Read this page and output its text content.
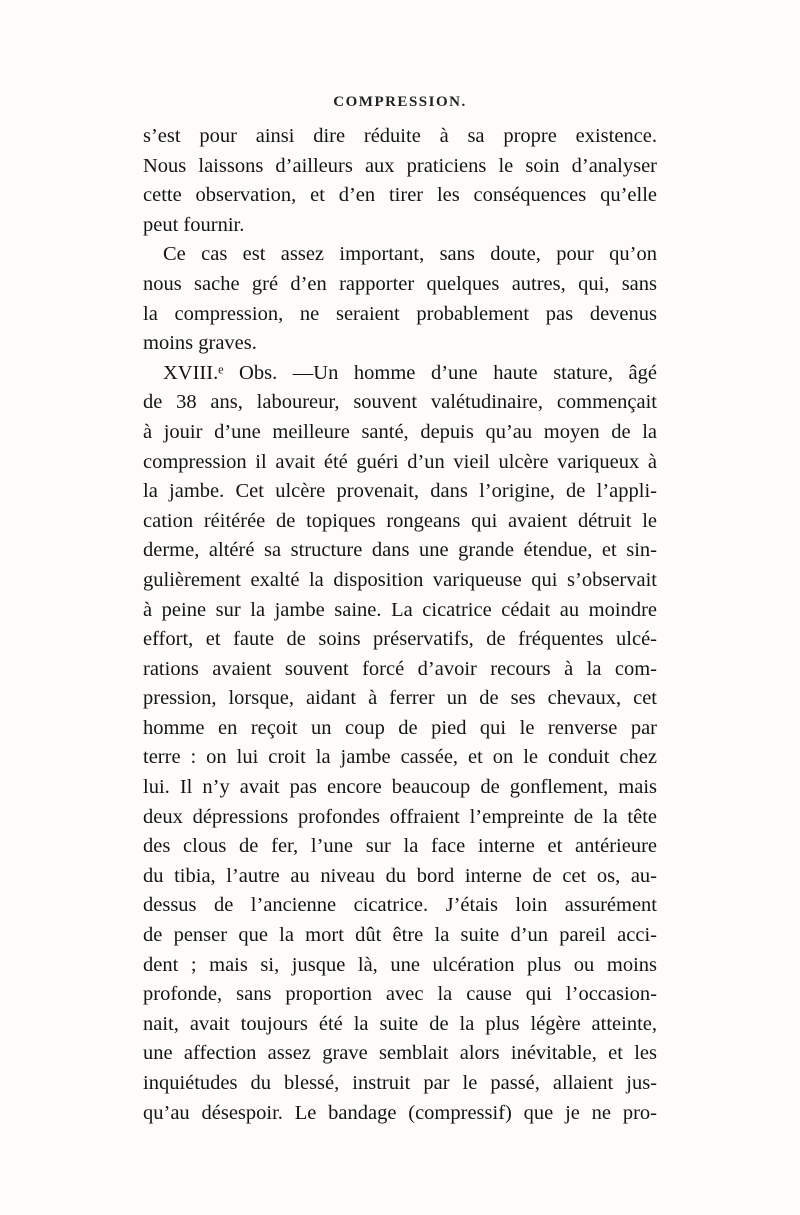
COMPRESSION.
s’est pour ainsi dire réduite à sa propre existence.
Nous laissons d’ailleurs aux praticiens le soin d’analyser
cette observation, et d’en tirer les conséquences qu’elle
peut fournir.
Ce cas est assez important, sans doute, pour qu’on
nous sache gré d’en rapporter quelques autres, qui, sans
la compression, ne seraient probablement pas devenus
moins graves.
XVIII.ᵉ Obs. —Un homme d’une haute stature, âgé
de 38 ans, laboureur, souvent valétudinaire, commençait
à jouir d’une meilleure santé, depuis qu’au moyen de la
compression il avait été guéri d’un vieil ulcère variqueux à
la jambe. Cet ulcère provenait, dans l’origine, de l’appli-
cation réitérée de topiques rongeans qui avaient détruit le
derme, altéré sa structure dans une grande étendue, et sin-
gulièrement exalté la disposition variqueuse qui s’observait
à peine sur la jambe saine. La cicatrice cédait au moindre
effort, et faute de soins préservatifs, de fréquentes ulcé-
rations avaient souvent forcé d’avoir recours à la com-
pression, lorsque, aidant à ferrer un de ses chevaux, cet
homme en reçoit un coup de pied qui le renverse par
terre : on lui croit la jambe cassée, et on le conduit chez
lui. Il n’y avait pas encore beaucoup de gonflement, mais
deux dépressions profondes offraient l’empreinte de la tête
des clous de fer, l’une sur la face interne et antérieure
du tibia, l’autre au niveau du bord interne de cet os, au-
dessus de l’ancienne cicatrice. J’étais loin assurément
de penser que la mort dût être la suite d’un pareil acci-
dent ; mais si, jusque là, une ulcération plus ou moins
profonde, sans proportion avec la cause qui l’occasion-
nait, avait toujours été la suite de la plus légère atteinte,
une affection assez grave semblait alors inévitable, et les
inquiétudes du blessé, instruit par le passé, allaient jus-
qu’au désespoir. Le bandage (compressif) que je ne pro-
